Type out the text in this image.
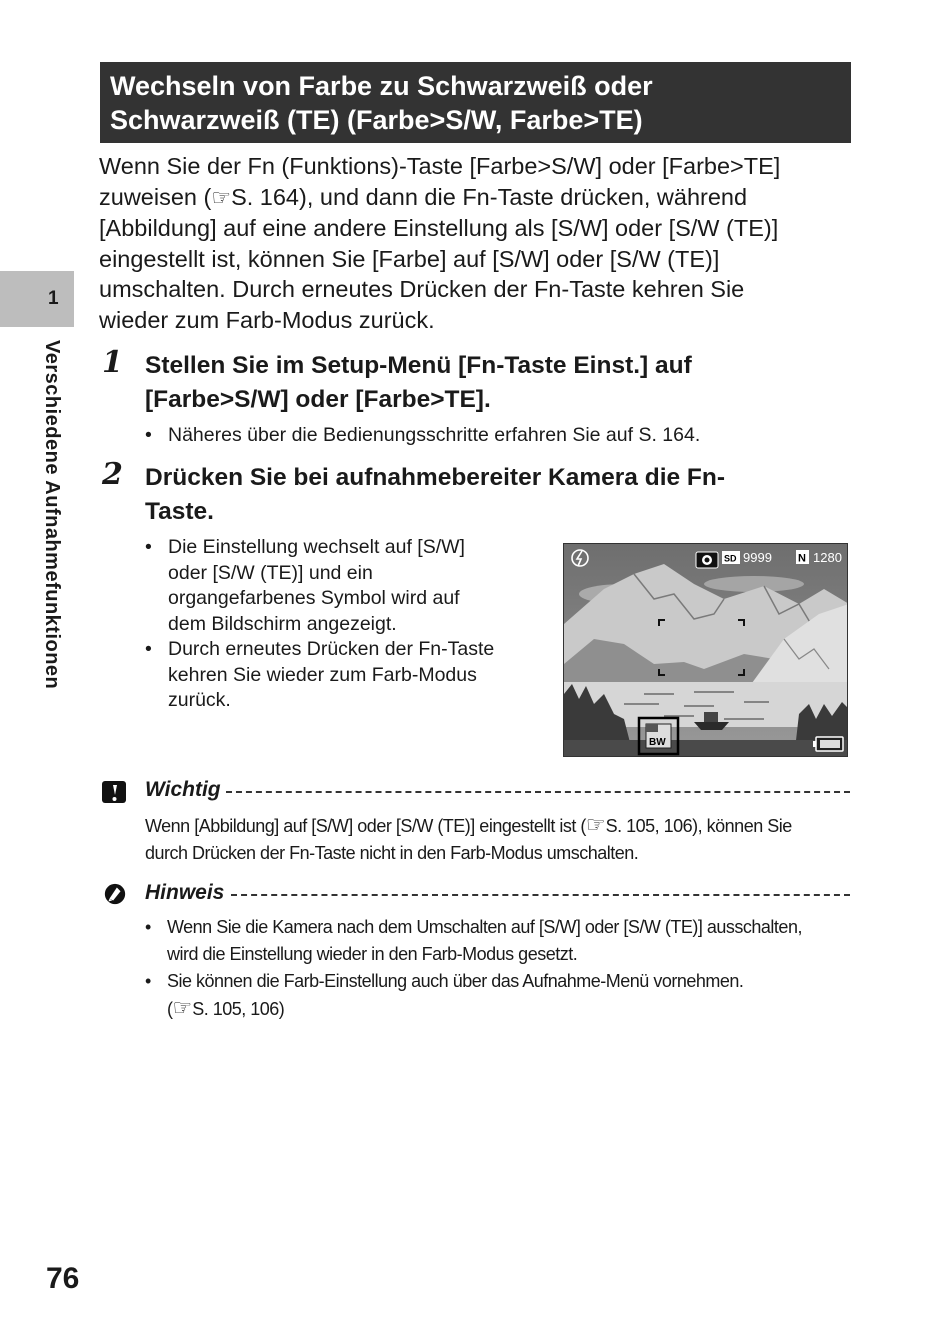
1
Verschiedene Aufnahmefunktionen
Wechseln von Farbe zu Schwarzweiß oder
Schwarzweiß (TE) (Farbe>S/W, Farbe>TE)

Wenn Sie der Fn (Funktions)-Taste [Farbe>S/W] oder [Farbe>TE]

zuweisen (☞S. 164), und dann die Fn-Taste drücken, während

[Abbildung] auf eine andere Einstellung als [S/W] oder [S/W (TE)]

eingestellt ist, können Sie [Farbe] auf [S/W] oder [S/W (TE)]

umschalten. Durch erneutes Drücken der Fn-Taste kehren Sie

wieder zum Farb-Modus zurück.

1 Stellen Sie im Setup-Menü [Fn-Taste Einst.] auf
[Farbe>S/W] oder [Farbe>TE].
• Näheres über die Bedienungsschritte erfahren Sie auf S. 164.

2 Drücken Sie bei aufnahmebereiter Kamera die Fn-
Taste.
• Die Einstellung wechselt auf [S/W]

oder [S/W (TE)] und ein

organgefarbenes Symbol wird auf

dem Bildschirm angezeigt.

• Durch erneutes Drücken der Fn-Taste

kehren Sie wieder zum Farb-Modus

zurück.

SD 9999 N 1280
BW
Wichtig

Wenn [Abbildung] auf [S/W] oder [S/W (TE)] eingestellt ist (☞ S. 105, 106), können Sie

durch Drücken der Fn-Taste nicht in den Farb-Modus umschalten.

Hinweis
• Wenn Sie die Kamera nach dem Umschalten auf [S/W] oder [S/W (TE)] ausschalten,

wird die Einstellung wieder in den Farb-Modus gesetzt.

• Sie können die Farb-Einstellung auch über das Aufnahme-Menü vornehmen.

(☞ S. 105, 106)

76
